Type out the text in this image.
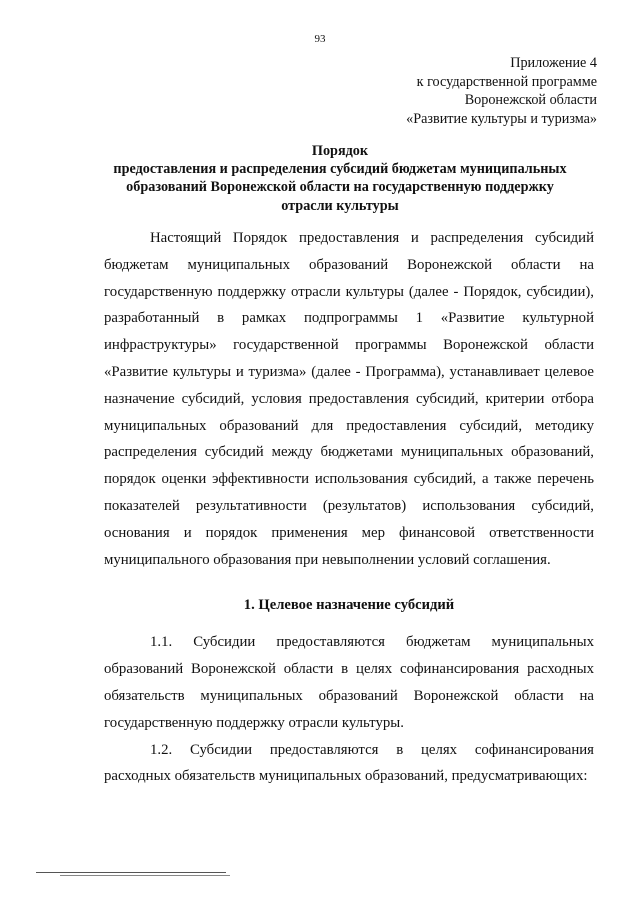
93
Приложение 4
к государственной программе
Воронежской области
«Развитие культуры и туризма»
Порядок
предоставления и распределения субсидий бюджетам муниципальных
образований Воронежской области на государственную поддержку
отрасли культуры

Настоящий Порядок предоставления и распределения субсидий бюджетам муниципальных образований Воронежской области на государственную поддержку отрасли культуры (далее - Порядок, субсидии), разработанный в рамках подпрограммы 1 «Развитие культурной инфраструктуры» государственной программы Воронежской области «Развитие культуры и туризма» (далее - Программа), устанавливает целевое назначение субсидий, условия предоставления субсидий, критерии отбора муниципальных образований для предоставления субсидий, методику распределения субсидий между бюджетами муниципальных образований, порядок оценки эффективности использования субсидий, а также перечень показателей результативности (результатов) использования субсидий, основания и порядок применения мер финансовой ответственности муниципального образования при невыполнении условий соглашения.

1. Целевое назначение субсидий

1.1. Субсидии предоставляются бюджетам муниципальных образований Воронежской области в целях софинансирования расходных обязательств муниципальных образований Воронежской области на государственную поддержку отрасли культуры.

1.2. Субсидии предоставляются в целях софинансирования расходных обязательств муниципальных образований, предусматривающих:
